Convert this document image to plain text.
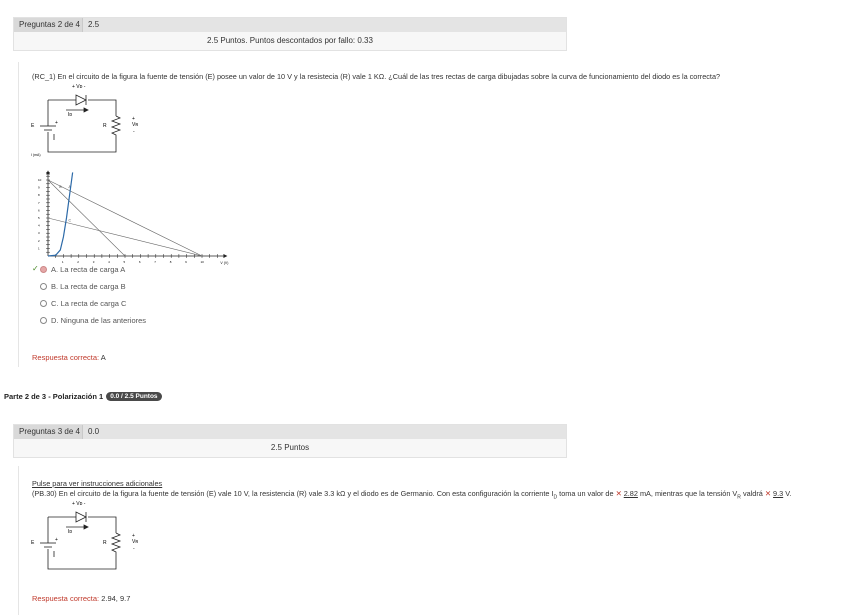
Preguntas 2 de 4	2.5
2.5 Puntos. Puntos descontados por fallo: 0.33
(RC_1) En el circuito de la figura la fuente de tensión (E) posee un valor de 10 V y la resistecia (R) vale 1 KΩ. ¿Cuál de las tres rectas de carga dibujadas sobre la curva de funcionamiento del diodo es la correcta?
+ Vᴅ -
Iᴅ
E	+	R
+
Vʀ
-
1	2	3	4	5	6	7	8	9	10
1
2
3
4
5
6
7
8
9
10
I (mA)
V (V)
A
B
C
✓ A. La recta de carga A
B. La recta de carga B
C. La recta de carga C
D. Ninguna de las anteriores
Respuesta correcta: A
Parte 2 de 3 - Polarización 1	0.0 / 2.5 Puntos
Preguntas 3 de 4	0.0
2.5 Puntos
Pulse para ver instrucciones adicionales
(PB.30) En el circuito de la figura la fuente de tensión (E) vale 10 V, la resistencia (R) vale 3.3 kΩ y el diodo es de Germanio. Con esta configuración la corriente $I_D$ toma un valor de ✕ 2.82 mA, mientras que la tensión $V_R$ valdrá ✕ 9.3 V.
+ Vᴅ -
Iᴅ
E	+	R
+
Vʀ
-
Respuesta correcta: 2.94, 9.7
